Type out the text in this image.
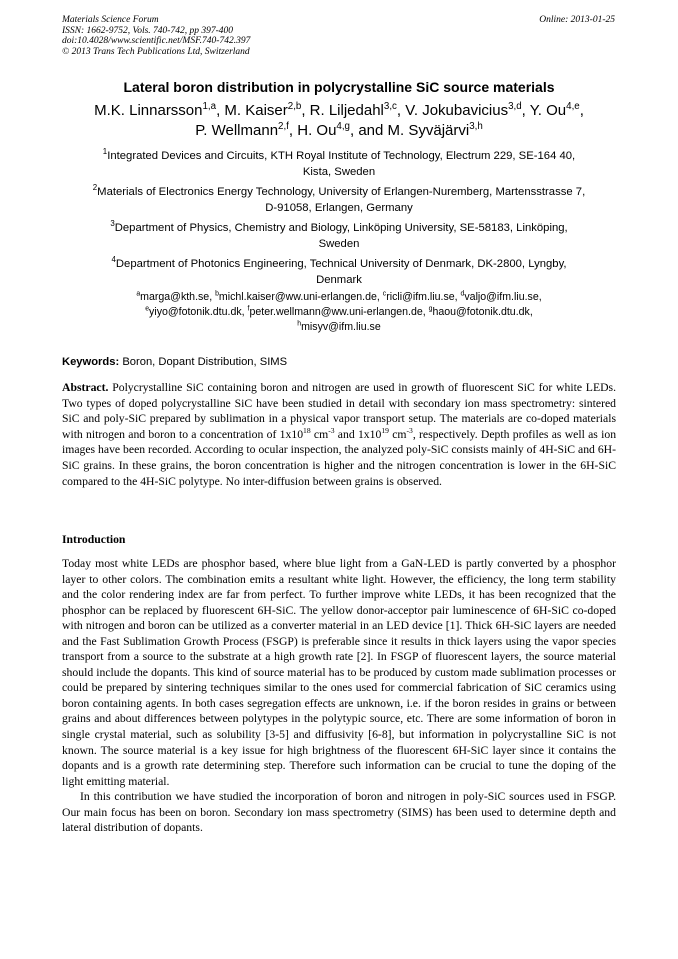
Materials Science Forum
ISSN: 1662-9752, Vols. 740-742, pp 397-400
doi:10.4028/www.scientific.net/MSF.740-742.397
© 2013 Trans Tech Publications Ltd, Switzerland
Online: 2013-01-25
Lateral boron distribution in polycrystalline SiC source materials
M.K. Linnarsson$^{1,a}$, M. Kaiser$^{2,b}$, R. Liljedahl$^{3,c}$, V. Jokubavicius$^{3,d}$, Y. Ou$^{4,e}$,
P. Wellmann$^{2,f}$, H. Ou$^{4,g}$, and M. Syväjärvi$^{3,h}$
$^1$Integrated Devices and Circuits, KTH Royal Institute of Technology, Electrum 229, SE-164 40,
Kista, Sweden
$^2$Materials of Electronics Energy Technology, University of Erlangen-Nuremberg, Martensstrasse 7,
D-91058, Erlangen, Germany
$^3$Department of Physics, Chemistry and Biology, Linköping University, SE-58183, Linköping,
Sweden
$^4$Department of Photonics Engineering, Technical University of Denmark, DK-2800, Lyngby,
Denmark
$^a$marga@kth.se, $^b$michl.kaiser@ww.uni-erlangen.de, $^c$ricli@ifm.liu.se, $^d$valjo@ifm.liu.se,
$^e$yiyo@fotonik.dtu.dk, $^f$peter.wellmann@ww.uni-erlangen.de, $^g$haou@fotonik.dtu.dk,
$^h$misyv@ifm.liu.se
Keywords: Boron, Dopant Distribution, SIMS
Abstract. Polycrystalline SiC containing boron and nitrogen are used in growth of fluorescent SiC for white LEDs. Two types of doped polycrystalline SiC have been studied in detail with secondary ion mass spectrometry: sintered SiC and poly-SiC prepared by sublimation in a physical vapor transport setup. The materials are co-doped materials with nitrogen and boron to a concentration of $1x10^{18}$ $cm^{-3}$ and $1x10^{19}$ $cm^{-3}$, respectively. Depth profiles as well as ion images have been recorded. According to ocular inspection, the analyzed poly-SiC consists mainly of 4H-SiC and 6H-SiC grains. In these grains, the boron concentration is higher and the nitrogen concentration is lower in the 6H-SiC compared to the 4H-SiC polytype. No inter-diffusion between grains is observed.
Introduction

Today most white LEDs are phosphor based, where blue light from a GaN-LED is partly converted by a phosphor layer to other colors. The combination emits a resultant white light. However, the efficiency, the long term stability and the color rendering index are far from perfect. To further improve white LEDs, it has been recognized that the phosphor can be replaced by fluorescent 6H-SiC. The yellow donor-acceptor pair luminescence of 6H-SiC co-doped with nitrogen and boron can be utilized as a converter material in an LED device [1]. Thick 6H-SiC layers are needed and the Fast Sublimation Growth Process (FSGP) is preferable since it results in thick layers using the vapor species transport from a source to the substrate at a high growth rate [2]. In FSGP of fluorescent layers, the source material should include the dopants. This kind of source material has to be produced by custom made sublimation processes or could be prepared by sintering techniques similar to the ones used for commercial fabrication of SiC ceramics using boron containing agents. In both cases segregation effects are unknown, i.e. if the boron resides in grains or between grains and about differences between polytypes in the polytypic source, etc. There are some information of boron in single crystal material, such as solubility [3-5] and diffusivity [6-8], but information in polycrystalline SiC is not known. The source material is a key issue for high brightness of the fluorescent 6H-SiC layer since it contains the dopants and is a growth rate determining step. Therefore such information can be crucial to tune the doping of the light emitting material.

In this contribution we have studied the incorporation of boron and nitrogen in poly-SiC sources used in FSGP. Our main focus has been on boron. Secondary ion mass spectrometry (SIMS) has been used to determine depth and lateral distribution of dopants.
